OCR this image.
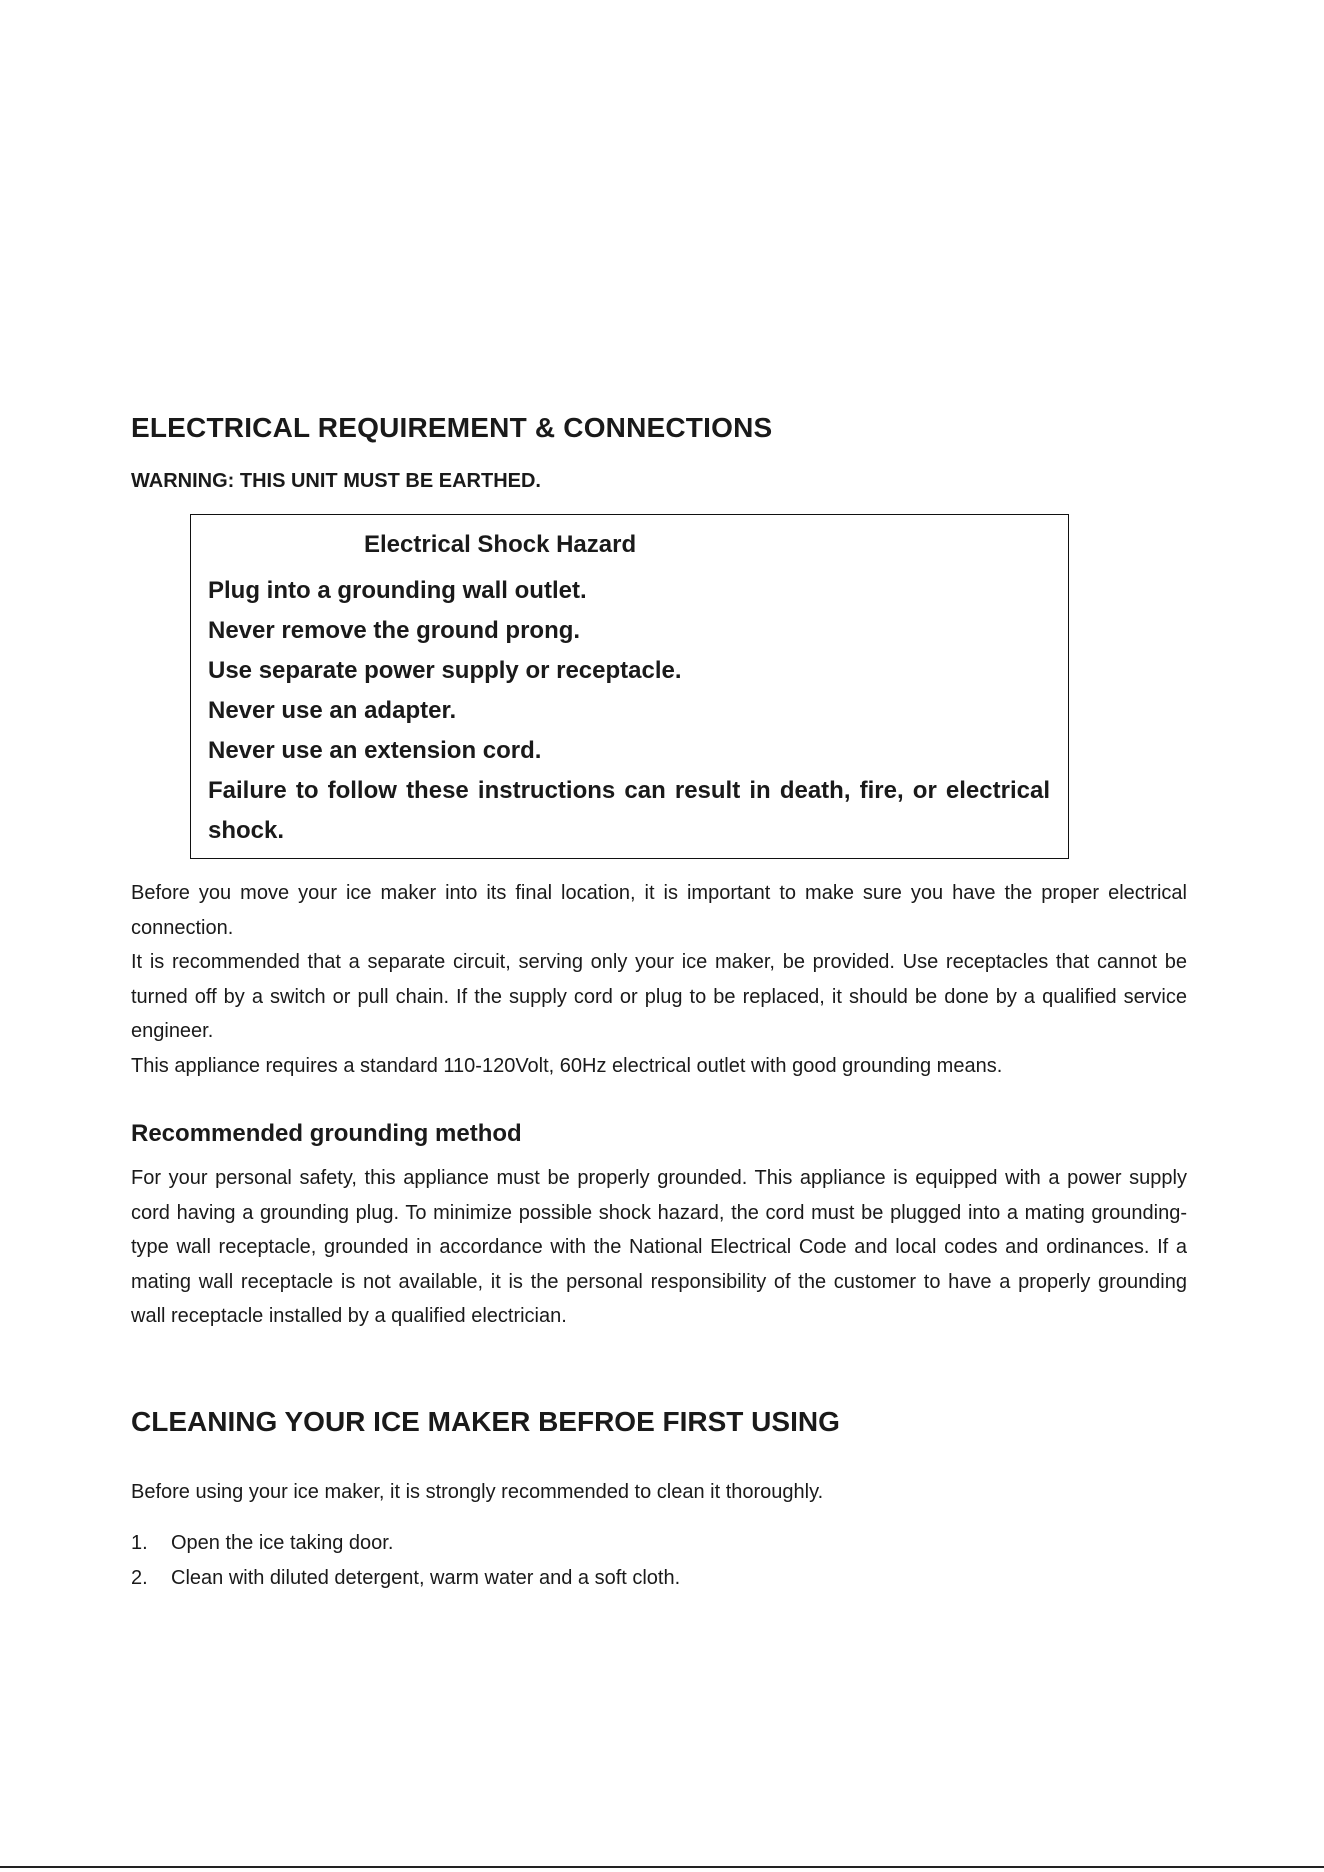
ELECTRICAL REQUIREMENT & CONNECTIONS
WARNING: THIS UNIT MUST BE EARTHED.
Electrical Shock Hazard
Plug into a grounding wall outlet.
Never remove the ground prong.
Use separate power supply or receptacle.
Never use an adapter.
Never use an extension cord.
Failure to follow these instructions can result in death, fire, or electrical shock.
Before you move your ice maker into its final location, it is important to make sure you have the proper electrical connection.
It is recommended that a separate circuit, serving only your ice maker, be provided. Use receptacles that cannot be turned off by a switch or pull chain. If the supply cord or plug to be replaced, it should be done by a qualified service engineer.
This appliance requires a standard 110-120Volt, 60Hz electrical outlet with good grounding means.
Recommended grounding method
For your personal safety, this appliance must be properly grounded. This appliance is equipped with a power supply cord having a grounding plug. To minimize possible shock hazard, the cord must be plugged into a mating grounding-type wall receptacle, grounded in accordance with the National Electrical Code and local codes and ordinances. If a mating wall receptacle is not available, it is the personal responsibility of the customer to have a properly grounding wall receptacle installed by a qualified electrician.
CLEANING YOUR ICE MAKER BEFROE FIRST USING
Before using your ice maker, it is strongly recommended to clean it thoroughly.
1.	Open the ice taking door.
2.	Clean with diluted detergent, warm water and a soft cloth.
